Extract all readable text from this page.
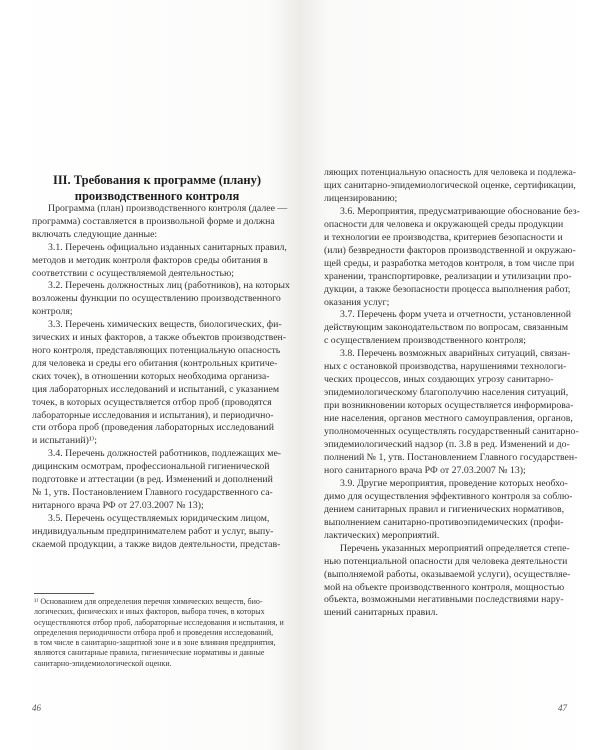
III. Требования к программе (плану)
производственного контроля
Программа (план) производственного контроля (далее —
программа) составляется в произвольной форме и должна
включать следующие данные:
3.1. Перечень официально изданных санитарных правил,
методов и методик контроля факторов среды обитания в
соответствии с осуществляемой деятельностью;
3.2. Перечень должностных лиц (работников), на которых
возложены функции по осуществлению производственного
контроля;
3.3. Перечень химических веществ, биологических, фи-
зических и иных факторов, а также объектов производствен-
ного контроля, представляющих потенциальную опасность
для человека и среды его обитания (контрольных критиче-
ских точек), в отношении которых необходима организа-
ция лабораторных исследований и испытаний, с указанием
точек, в которых осуществляется отбор проб (проводятся
лабораторные исследования и испытания), и периодично-
сти отбора проб (проведения лабораторных исследований
и испытаний)¹⁾;
3.4. Перечень должностей работников, подлежащих ме-
дицинским осмотрам, профессиональной гигиенической
подготовке и аттестации (в ред. Изменений и дополнений
№ 1, утв. Постановлением Главного государственного са-
нитарного врача РФ от 27.03.2007 № 13);
3.5. Перечень осуществляемых юридическим лицом,
индивидуальным предпринимателем работ и услуг, выпу-
скаемой продукции, а также видов деятельности, представ-
¹⁾ Основанием для определения перечня химических веществ, био-
логических, физических и иных факторов, выбора точек, в которых
осуществляются отбор проб, лабораторные исследования и испытания, и
определения периодичности отбора проб и проведения исследований,
в том числе в санитарно-защитной зоне и в зоне влияния предприятия,
являются санитарные правила, гигиенические нормативы и данные
санитарно-эпидемиологической оценки.
46
ляющих потенциальную опасность для человека и подлежа-
щих санитарно-эпидемиологической оценке, сертификации,
лицензированию;
3.6. Мероприятия, предусматривающие обоснование без-
опасности для человека и окружающей среды продукции
и технологии ее производства, критериев безопасности и
(или) безвредности факторов производственной и окружаю-
щей среды, и разработка методов контроля, в том числе при
хранении, транспортировке, реализации и утилизации про-
дукции, а также безопасности процесса выполнения работ,
оказания услуг;
3.7. Перечень форм учета и отчетности, установленной
действующим законодательством по вопросам, связанным
с осуществлением производственного контроля;
3.8. Перечень возможных аварийных ситуаций, связан-
ных с остановкой производства, нарушениями технологи-
ческих процессов, иных создающих угрозу санитарно-
эпидемиологическому благополучию населения ситуаций,
при возникновении которых осуществляется информирова-
ние населения, органов местного самоуправления, органов,
уполномоченных осуществлять государственный санитарно-
эпидемиологический надзор (п. 3.8 в ред. Изменений и до-
полнений № 1, утв. Постановлением Главного государствен-
ного санитарного врача РФ от 27.03.2007 № 13);
3.9. Другие мероприятия, проведение которых необхо-
димо для осуществления эффективного контроля за соблю-
дением санитарных правил и гигиенических нормативов,
выполнением санитарно-противоэпидемических (профи-
лактических) мероприятий.
Перечень указанных мероприятий определяется степе-
нью потенциальной опасности для человека деятельности
(выполняемой работы, оказываемой услуги), осуществляе-
мой на объекте производственного контроля, мощностью
объекта, возможными негативными последствиями нару-
шений санитарных правил.
47
